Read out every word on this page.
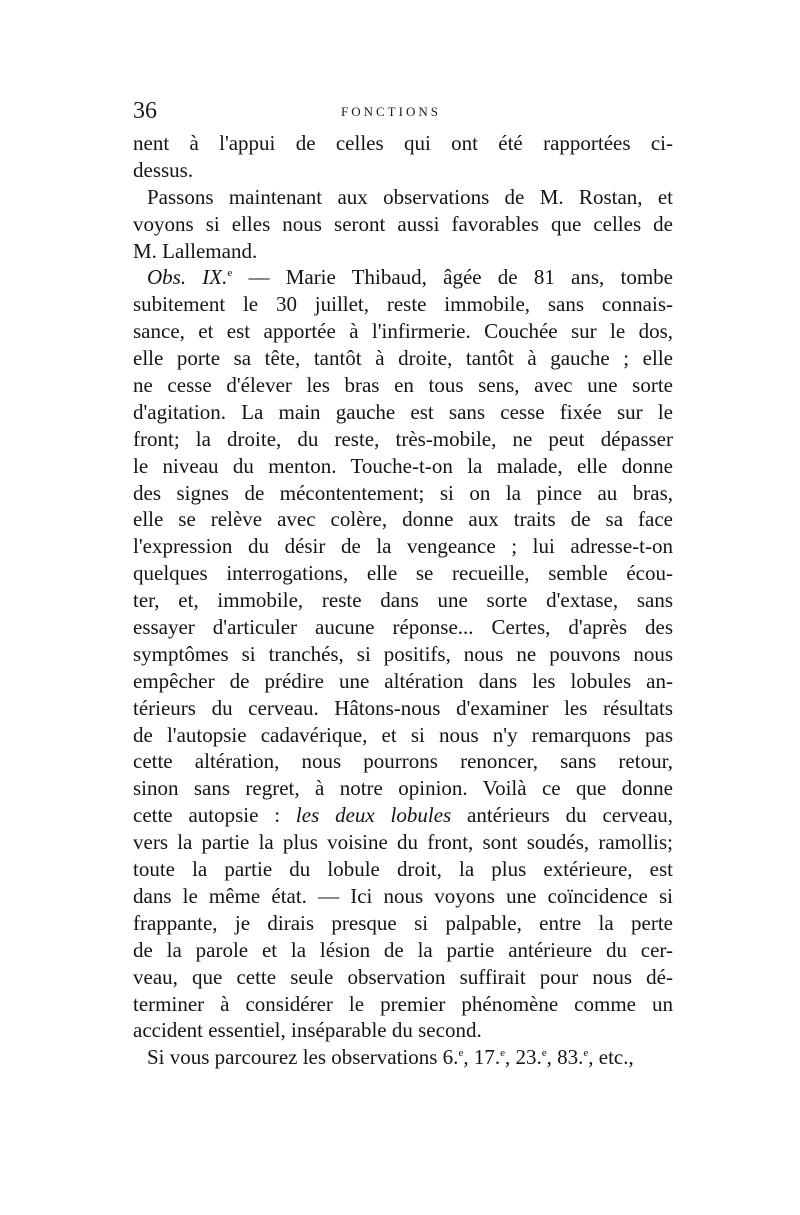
36	FONCTIONS
nent à l'appui de celles qui ont été rapportées ci-
dessus.
Passons maintenant aux observations de M. Rostan, et
voyons si elles nous seront aussi favorables que celles de
M. Lallemand.
Obs. IX.$^e$ — Marie Thibaud, âgée de 81 ans, tombe
subitement le 30 juillet, reste immobile, sans connais-
sance, et est apportée à l'infirmerie. Couchée sur le dos,
elle porte sa tête, tantôt à droite, tantôt à gauche ; elle
ne cesse d'élever les bras en tous sens, avec une sorte
d'agitation. La main gauche est sans cesse fixée sur le
front; la droite, du reste, très-mobile, ne peut dépasser
le niveau du menton. Touche-t-on la malade, elle donne
des signes de mécontentement; si on la pince au bras,
elle se relève avec colère, donne aux traits de sa face
l'expression du désir de la vengeance ; lui adresse-t-on
quelques interrogations, elle se recueille, semble écou-
ter, et, immobile, reste dans une sorte d'extase, sans
essayer d'articuler aucune réponse... Certes, d'après des
symptômes si tranchés, si positifs, nous ne pouvons nous
empêcher de prédire une altération dans les lobules an-
térieurs du cerveau. Hâtons-nous d'examiner les résultats
de l'autopsie cadavérique, et si nous n'y remarquons pas
cette altération, nous pourrons renoncer, sans retour,
sinon sans regret, à notre opinion. Voilà ce que donne
cette autopsie : les deux lobules antérieurs du cerveau,
vers la partie la plus voisine du front, sont soudés, ramollis;
toute la partie du lobule droit, la plus extérieure, est
dans le même état. — Ici nous voyons une coïncidence si
frappante, je dirais presque si palpable, entre la perte
de la parole et la lésion de la partie antérieure du cer-
veau, que cette seule observation suffirait pour nous dé-
terminer à considérer le premier phénomène comme un
accident essentiel, inséparable du second.
Si vous parcourez les observations 6.$^e$, 17.$^e$, 23.$^e$, 83.$^e$, etc.,
